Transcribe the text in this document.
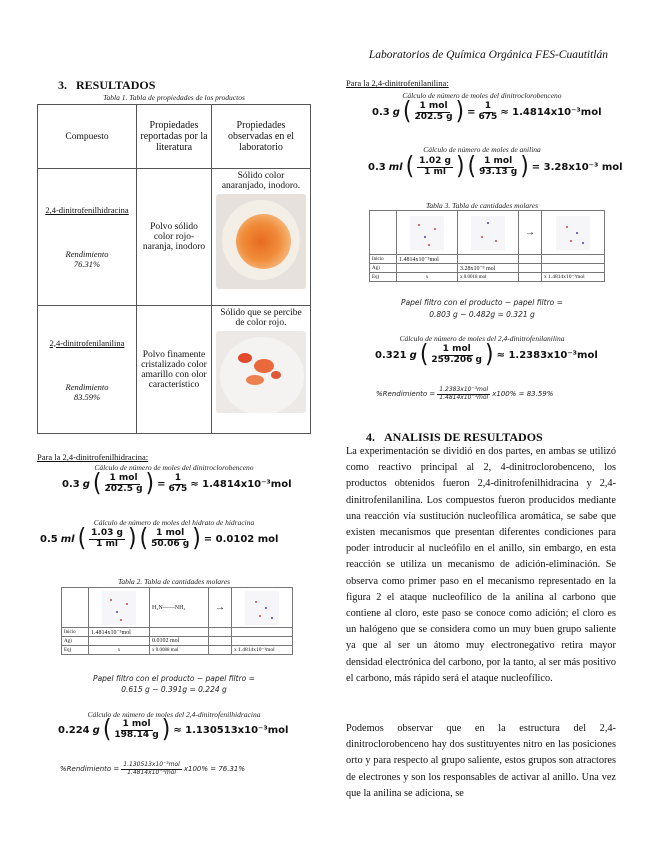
Laboratorios de Química Orgánica FES-Cuautitlán
3.   RESULTADOS
Tabla 1. Tabla de propiedades de los productos
Compuesto	Propiedades reportadas por la literatura	Propiedades observadas en el laboratorio

2,4-dinitrofenilhidracina
Rendimiento
76.31%	Polvo sólido color rojo-naranja, inodoro	Sólido color anaranjado, inodoro.

2,4-dinitrofenilanilina
Rendimiento
83.59%	Polvo finamente cristalizado color amarillo con olor característico	Sólido que se percibe de color rojo.
Para la 2,4-dinitrofenilhidracina:
Cálculo de número de moles del dinitroclorobenceno
0.3 g ( $\frac{\text{1 mol}}{202.5 g}$ ) = $\frac{1}{675} \approx 1.4814x10^{-3}mol$
Cálculo de número de moles del hidrato de hidracina
0.5 ml ( $\frac{1.03 g}{1 ml}$ ) ( $\frac{\text{1 mol}}{50.06 g}$ ) = 0.0102 mol
Tabla 2. Tabla de cantidades molares

	H₂N——NH₂	→	

Inicio	1.4814x10⁻³mol			
Ag)		0.0102 mol		
Eq)	x	x 0.0088 mol		x 1.4814x10⁻³mol
Papel filtro con el producto − papel filtro =
0.615 g − 0.391g = 0.224 g
Cálculo de número de moles del 2,4-dinitrofenilhidracina
0.224 g ( $\frac{\text{1 mol}}{198.14 g}$ ) ≈ 1.130513x10⁻³mol
%Rendimiento = $\frac{\text{1.130513x10⁻³mol}}{\text{1.4814x10⁻³mol}} x100\% = 76.31\%$
Para la 2,4-dinitrofenilanilina:
Cálculo de número de moles del dinitroclorobenceno
0.3 g ( $\frac{\text{1 mol}}{202.5 g}$ ) = $\frac{1}{675} \approx 1.4814x10^{-3}mol$
Cálculo de número de moles de anilina
0.3 ml ( $\frac{1.02 g}{1 ml}$ ) ( $\frac{\text{1 mol}}{93.13 g}$ ) = 3.28x10⁻³ mol
Tabla 3. Tabla de cantidades molares

	→	

Inicio	1.4814x10⁻³mol			
Ag)		3.28x10⁻³ mol		
Eq)	x	x 0.0018 mol		x 1.4814x10⁻³mol
Papel filtro con el producto − papel filtro =
0.803 g − 0.482g = 0.321 g
Cálculo de número de moles del 2,4-dinitrofenilanilina
0.321 g ( $\frac{\text{1 mol}}{259.206 g}$ ) ≈ 1.2383x10⁻³mol
%Rendimiento = $\frac{\text{1.2383x10⁻³mol}}{\text{1.4814x10⁻³mol}} x100\% = 83.59\%$
4.   ANALISIS DE RESULTADOS
La experimentación se dividió en dos partes, en ambas se utilizó como reactivo principal al 2, 4-dinitroclorobenceno, los productos obtenidos fueron 2,4-dinitrofenilhidracina y 2,4-dinitrofenilanilina. Los compuestos fueron producidos mediante una reacción vía sustitución nucleofílica aromática, se sabe que existen mecanismos que presentan diferentes condiciones para poder introducir al nucleófilo en el anillo, sin embargo, en esta reacción se utiliza un mecanismo de adición-eliminación. Se observa como primer paso en el mecanismo representado en la figura 2 el ataque nucleofílico de la anilina al carbono que contiene al cloro, este paso se conoce como adición; el cloro es un halógeno que se considera como un muy buen grupo saliente ya que al ser un átomo muy electronegativo retira mayor densidad electrónica del carbono, por la tanto, al ser más positivo el carbono, más rápido será el ataque nucleofílico.
Podemos observar que en la estructura del 2,4-dinitroclorobenceno hay dos sustituyentes nitro en las posiciones orto y para respecto al grupo saliente, estos grupos son atractores de electrones y son los responsables de activar al anillo. Una vez que la anilina se adiciona, se
